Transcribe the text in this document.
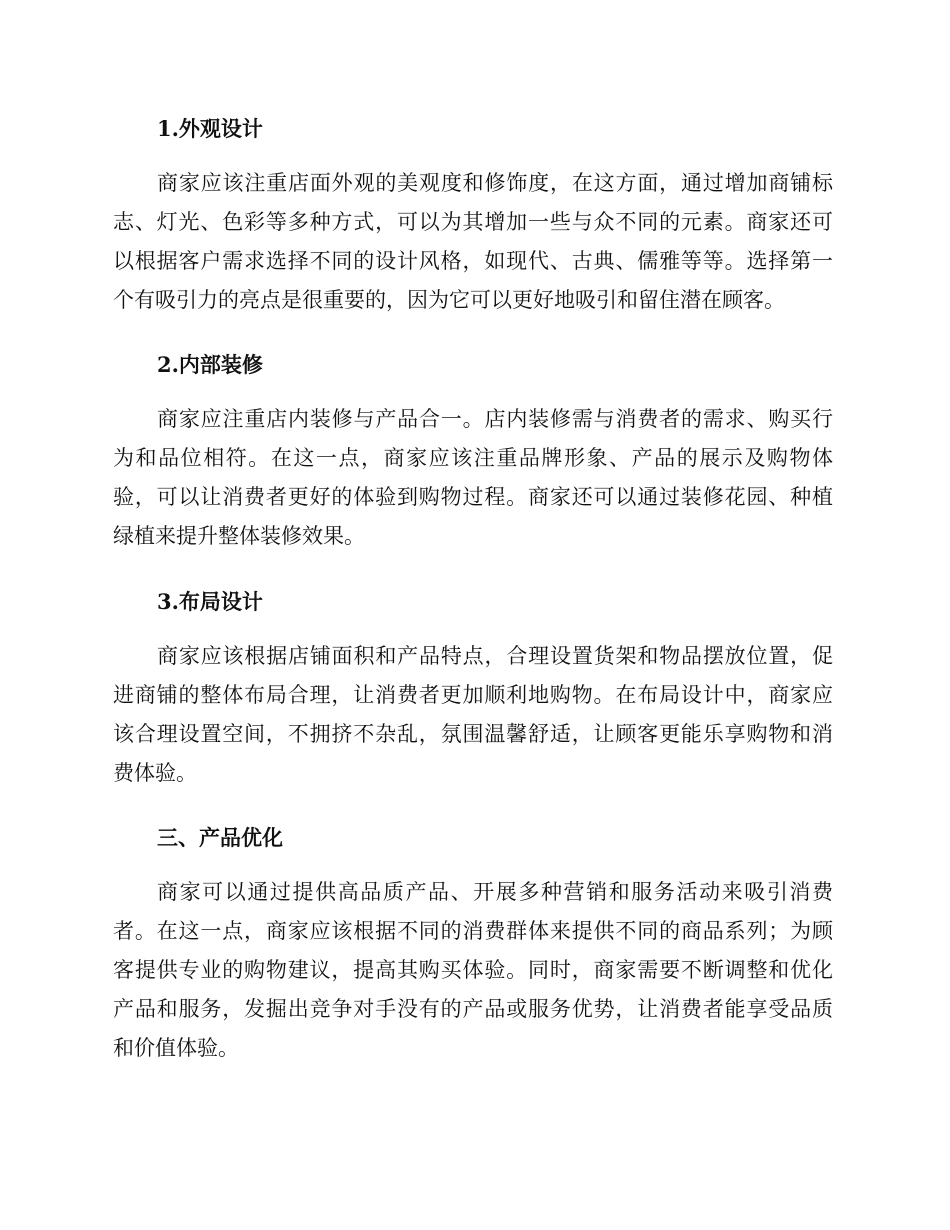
1.外观设计
商家应该注重店面外观的美观度和修饰度，在这方面，通过增加商铺标
志、灯光、色彩等多种方式，可以为其增加一些与众不同的元素。商家还可
以根据客户需求选择不同的设计风格，如现代、古典、儒雅等等。选择第一
个有吸引力的亮点是很重要的，因为它可以更好地吸引和留住潜在顾客。
2.内部装修
商家应注重店内装修与产品合一。店内装修需与消费者的需求、购买行
为和品位相符。在这一点，商家应该注重品牌形象、产品的展示及购物体
验，可以让消费者更好的体验到购物过程。商家还可以通过装修花园、种植
绿植来提升整体装修效果。
3.布局设计
商家应该根据店铺面积和产品特点，合理设置货架和物品摆放位置，促
进商铺的整体布局合理，让消费者更加顺利地购物。在布局设计中，商家应
该合理设置空间，不拥挤不杂乱，氛围温馨舒适，让顾客更能乐享购物和消
费体验。
三、产品优化
商家可以通过提供高品质产品、开展多种营销和服务活动来吸引消费
者。在这一点，商家应该根据不同的消费群体来提供不同的商品系列；为顾
客提供专业的购物建议，提高其购买体验。同时，商家需要不断调整和优化
产品和服务，发掘出竞争对手没有的产品或服务优势，让消费者能享受品质
和价值体验。
